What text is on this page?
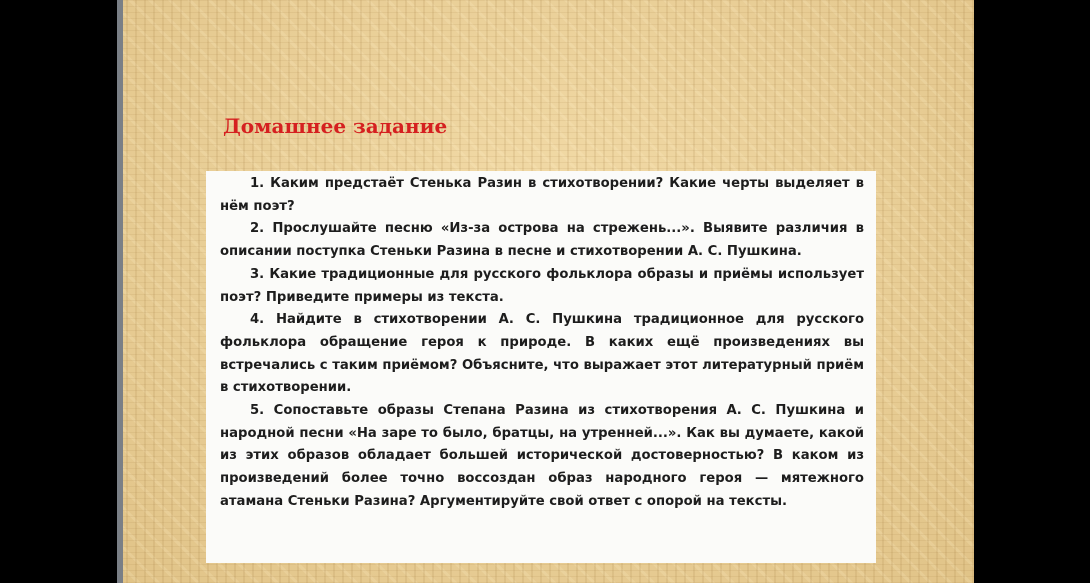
Домашнее задание

1. Каким предстаёт Стенька Разин в стихотворении? Какие черты выделяет в нём поэт?

2. Прослушайте песню «Из-за острова на стрежень...». Выявите различия в описании поступка Стеньки Разина в песне и стихотворении А. С. Пушкина.

3. Какие традиционные для русского фольклора образы и приёмы использует поэт? Приведите примеры из текста.

4. Найдите в стихотворении А. С. Пушкина традиционное для русского фольклора обращение героя к природе. В каких ещё произведениях вы встречались с таким приёмом? Объясните, что выражает этот литературный приём в стихотворении.

5. Сопоставьте образы Степана Разина из стихотворения А. С. Пушкина и народной песни «На заре то было, братцы, на утренней...». Как вы думаете, какой из этих образов обладает большей исторической достоверностью? В каком из произведений более точно воссоздан образ народного героя — мятежного атамана Стеньки Разина? Аргументируйте свой ответ с опорой на тексты.
